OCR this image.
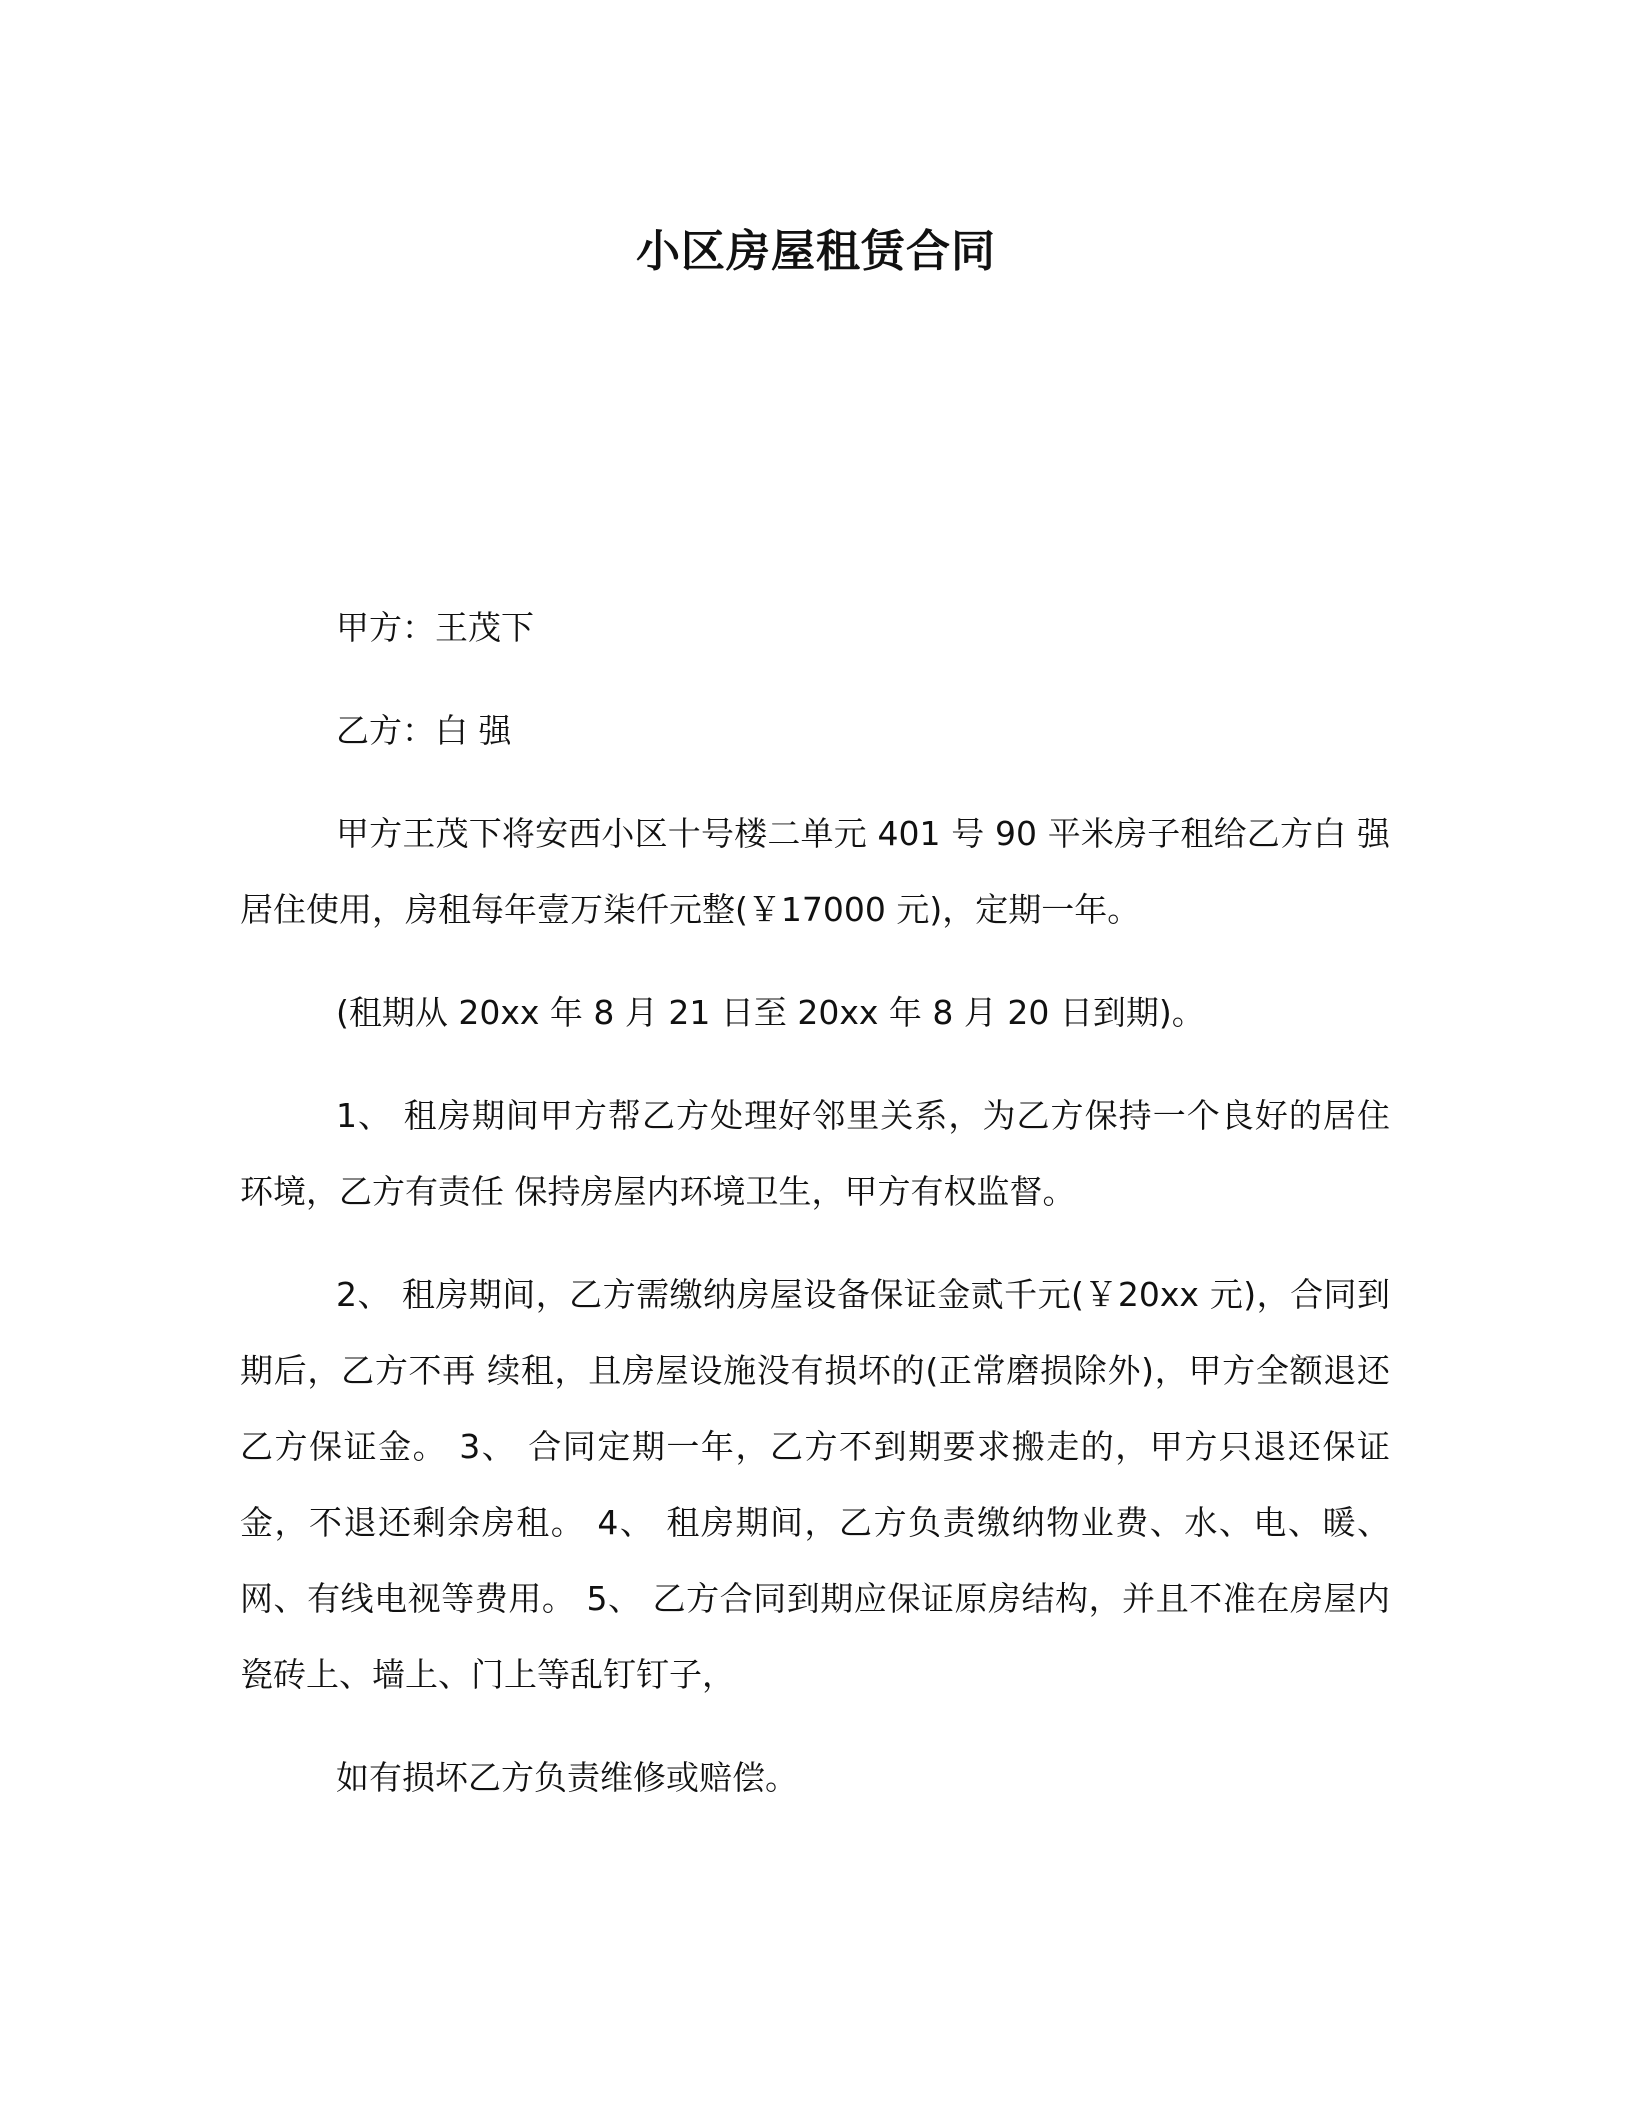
小区房屋租赁合同

甲方：王茂下

乙方：白 强

甲方王茂下将安西小区十号楼二单元 401 号 90 平米房子租给乙方白 强居住使用，房租每年壹万柒仟元整(￥17000 元)，定期一年。

(租期从 20xx 年 8 月 21 日至 20xx 年 8 月 20 日到期)。

1、 租房期间甲方帮乙方处理好邻里关系，为乙方保持一个良好的居住环境，乙方有责任 保持房屋内环境卫生，甲方有权监督。

2、 租房期间，乙方需缴纳房屋设备保证金贰千元(￥20xx 元)，合同到期后，乙方不再 续租，且房屋设施没有损坏的(正常磨损除外)，甲方全额退还乙方保证金。 3、 合同定期一年，乙方不到期要求搬走的，甲方只退还保证金，不退还剩余房租。 4、 租房期间，乙方负责缴纳物业费、水、电、暖、网、有线电视等费用。 5、 乙方合同到期应保证原房结构，并且不准在房屋内瓷砖上、墙上、门上等乱钉钉子，

如有损坏乙方负责维修或赔偿。
